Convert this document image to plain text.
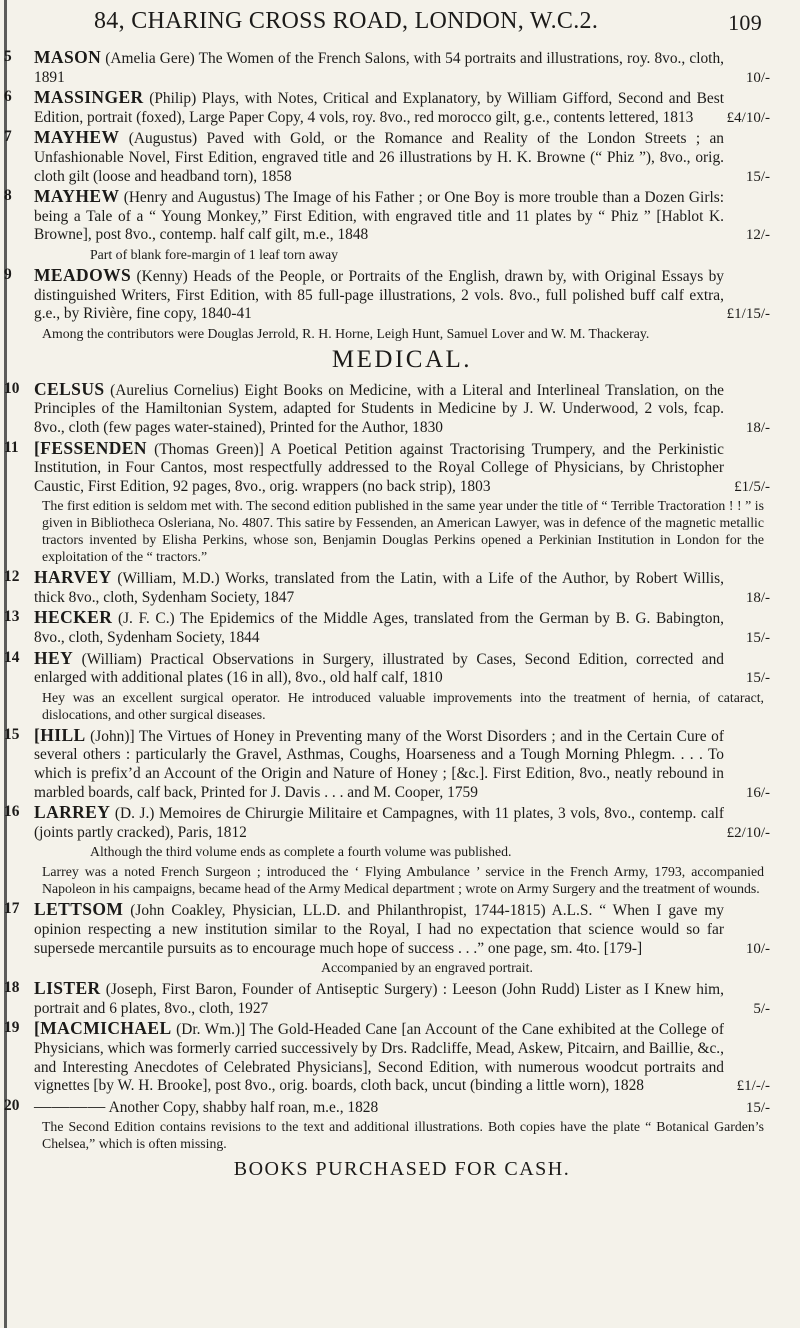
84, CHARING CROSS ROAD, LONDON, W.C.2.	109
5 MASON (Amelia Gere) The Women of the French Salons, with 54 portraits and illustrations, roy. 8vo., cloth, 1891	10/-
6 MASSINGER (Philip) Plays, with Notes, Critical and Explanatory, by William Gifford, Second and Best Edition, portrait (foxed), Large Paper Copy, 4 vols, roy. 8vo., red morocco gilt, g.e., contents lettered, 1813 £4/10/-
7 MAYHEW (Augustus) Paved with Gold, or the Romance and Reality of the London Streets ; an Unfashionable Novel, First Edition, engraved title and 26 illustrations by H. K. Browne (“ Phiz ”), 8vo., orig. cloth gilt (loose and headband torn), 1858	15/-
8 MAYHEW (Henry and Augustus) The Image of his Father ; or One Boy is more trouble than a Dozen Girls: being a Tale of a “ Young Monkey,” First Edition, with engraved title and 11 plates by “ Phiz ” [Hablot K. Browne], post 8vo., contemp. half calf gilt, m.e., 1848	12/-
Part of blank fore-margin of 1 leaf torn away
9 MEADOWS (Kenny) Heads of the People, or Portraits of the English, drawn by, with Original Essays by distinguished Writers, First Edition, with 85 full-page illustrations, 2 vols. 8vo., full polished buff calf extra, g.e., by Rivière, fine copy, 1840-41	£1/15/-
Among the contributors were Douglas Jerrold, R. H. Horne, Leigh Hunt, Samuel Lover and W. M. Thackeray.
MEDICAL.
10 CELSUS (Aurelius Cornelius) Eight Books on Medicine, with a Literal and Interlineal Translation, on the Principles of the Hamiltonian System, adapted for Students in Medicine by J. W. Underwood, 2 vols, fcap. 8vo., cloth (few pages water-stained), Printed for the Author, 1830	18/-
11 [FESSENDEN (Thomas Green)] A Poetical Petition against Tractorising Trumpery, and the Perkinistic Institution, in Four Cantos, most respectfully addressed to the Royal College of Physicians, by Christopher Caustic, First Edition, 92 pages, 8vo., orig. wrappers (no back strip), 1803	£1/5/-
The first edition is seldom met with. The second edition published in the same year under the title of “ Terrible Tractoration ! ! ” is given in Bibliotheca Osleriana, No. 4807. This satire by Fessenden, an American Lawyer, was in defence of the magnetic metallic tractors invented by Elisha Perkins, whose son, Benjamin Douglas Perkins opened a Perkinian Institution in London for the exploitation of the “ tractors.”
12 HARVEY (William, M.D.) Works, translated from the Latin, with a Life of the Author, by Robert Willis, thick 8vo., cloth, Sydenham Society, 1847	18/-
13 HECKER (J. F. C.) The Epidemics of the Middle Ages, translated from the German by B. G. Babington, 8vo., cloth, Sydenham Society, 1844	15/-
14 HEY (William) Practical Observations in Surgery, illustrated by Cases, Second Edition, corrected and enlarged with additional plates (16 in all), 8vo., old half calf, 1810	15/-
Hey was an excellent surgical operator. He introduced valuable improvements into the treatment of hernia, of cataract, dislocations, and other surgical diseases.
15 [HILL (John)] The Virtues of Honey in Preventing many of the Worst Disorders ; and in the Certain Cure of several others : particularly the Gravel, Asthmas, Coughs, Hoarseness and a Tough Morning Phlegm. . . . To which is prefix’d an Account of the Origin and Nature of Honey ; [&c.]. First Edition, 8vo., neatly rebound in marbled boards, calf back, Printed for J. Davis . . . and M. Cooper, 1759	16/-
16 LARREY (D. J.) Memoires de Chirurgie Militaire et Campagnes, with 11 plates, 3 vols, 8vo., contemp. calf (joints partly cracked), Paris, 1812	£2/10/-
Although the third volume ends as complete a fourth volume was published.
Larrey was a noted French Surgeon ; introduced the ‘ Flying Ambulance ’ service in the French Army, 1793, accompanied Napoleon in his campaigns, became head of the Army Medical department ; wrote on Army Surgery and the treatment of wounds.
17 LETTSOM (John Coakley, Physician, LL.D. and Philanthropist, 1744-1815) A.L.S. “ When I gave my opinion respecting a new institution similar to the Royal, I had no expectation that science would so far supersede mercantile pursuits as to encourage much hope of success . . .” one page, sm. 4to. [179-]	10/-
Accompanied by an engraved portrait.
18 LISTER (Joseph, First Baron, Founder of Antiseptic Surgery) : Leeson (John Rudd) Lister as I Knew him, portrait and 6 plates, 8vo., cloth, 1927	5/-
19 [MACMICHAEL (Dr. Wm.)] The Gold-Headed Cane [an Account of the Cane exhibited at the College of Physicians, which was formerly carried successively by Drs. Radcliffe, Mead, Askew, Pitcairn, and Baillie, &c., and Interesting Anecdotes of Celebrated Physicians], Second Edition, with numerous woodcut portraits and vignettes [by W. H. Brooke], post 8vo., orig. boards, cloth back, uncut (binding a little worn), 1828	£1/-/-
20 ———— Another Copy, shabby half roan, m.e., 1828	15/-
The Second Edition contains revisions to the text and additional illustrations. Both copies have the plate “ Botanical Garden’s Chelsea,” which is often missing.
BOOKS PURCHASED FOR CASH.
